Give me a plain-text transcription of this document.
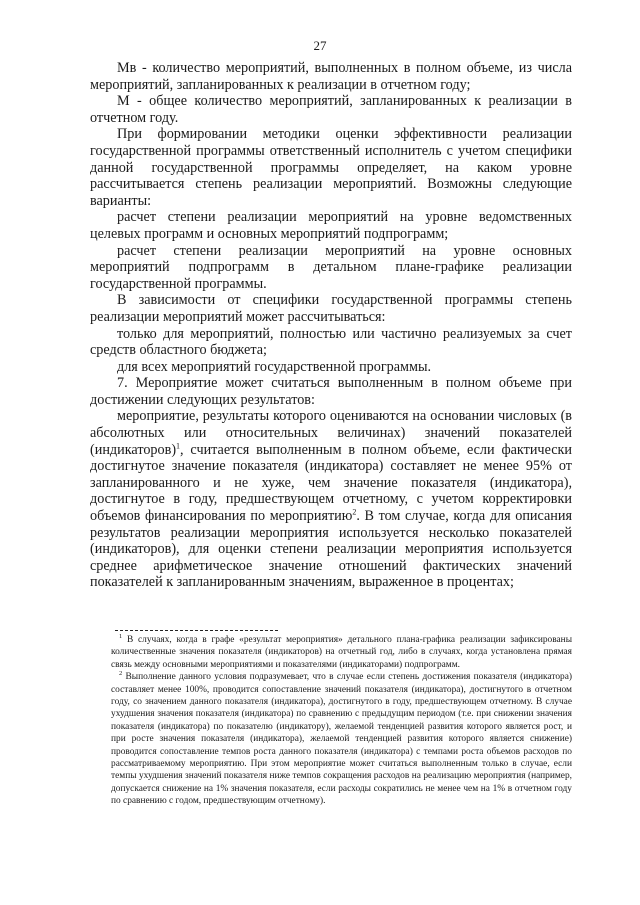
27

Мв - количество мероприятий, выполненных в полном объеме, из числа мероприятий, запланированных к реализации в отчетном году;

М - общее количество мероприятий, запланированных к реализации в отчетном году.

При формировании методики оценки эффективности реализации государственной программы ответственный исполнитель с учетом специфики данной государственной программы определяет, на каком уровне рассчитывается степень реализации мероприятий. Возможны следующие варианты:

расчет степени реализации мероприятий на уровне ведомственных целевых программ и основных мероприятий подпрограмм;

расчет степени реализации мероприятий на уровне основных мероприятий подпрограмм в детальном плане-графике реализации государственной программы.

В зависимости от специфики государственной программы степень реализации мероприятий может рассчитываться:

только для мероприятий, полностью или частично реализуемых за счет средств областного бюджета;

для всех мероприятий государственной программы.

7. Мероприятие может считаться выполненным в полном объеме при достижении следующих результатов:

мероприятие, результаты которого оцениваются на основании числовых (в абсолютных или относительных величинах) значений показателей (индикаторов)$^1$, считается выполненным в полном объеме, если фактически достигнутое значение показателя (индикатора) составляет не менее 95% от запланированного и не хуже, чем значение показателя (индикатора), достигнутое в году, предшествующем отчетному, с учетом корректировки объемов финансирования по мероприятию$^2$. В том случае, когда для описания результатов реализации мероприятия используется несколько показателей (индикаторов), для оценки степени реализации мероприятия используется среднее арифметическое значение отношений фактических значений показателей к запланированным значениям, выраженное в процентах;

$^1$ В случаях, когда в графе «результат мероприятия» детального плана-графика реализации зафиксированы количественные значения показателя (индикаторов) на отчетный год, либо в случаях, когда установлена прямая связь между основными мероприятиями и показателями (индикаторами) подпрограмм.

$^2$ Выполнение данного условия подразумевает, что в случае если степень достижения показателя (индикатора) составляет менее 100%, проводится сопоставление значений показателя (индикатора), достигнутого в отчетном году, со значением данного показателя (индикатора), достигнутого в году, предшествующем отчетному. В случае ухудшения значения показателя (индикатора) по сравнению с предыдущим периодом (т.е. при снижении значения показателя (индикатора) по показателю (индикатору), желаемой тенденцией развития которого является рост, и при росте значения показателя (индикатора), желаемой тенденцией развития которого является снижение) проводится сопоставление темпов роста данного показателя (индикатора) с темпами роста объемов расходов по рассматриваемому мероприятию. При этом мероприятие может считаться выполненным только в случае, если темпы ухудшения значений показателя ниже темпов сокращения расходов на реализацию мероприятия (например, допускается снижение на 1% значения показателя, если расходы сократились не менее чем на 1% в отчетном году по сравнению с годом, предшествующим отчетному).
